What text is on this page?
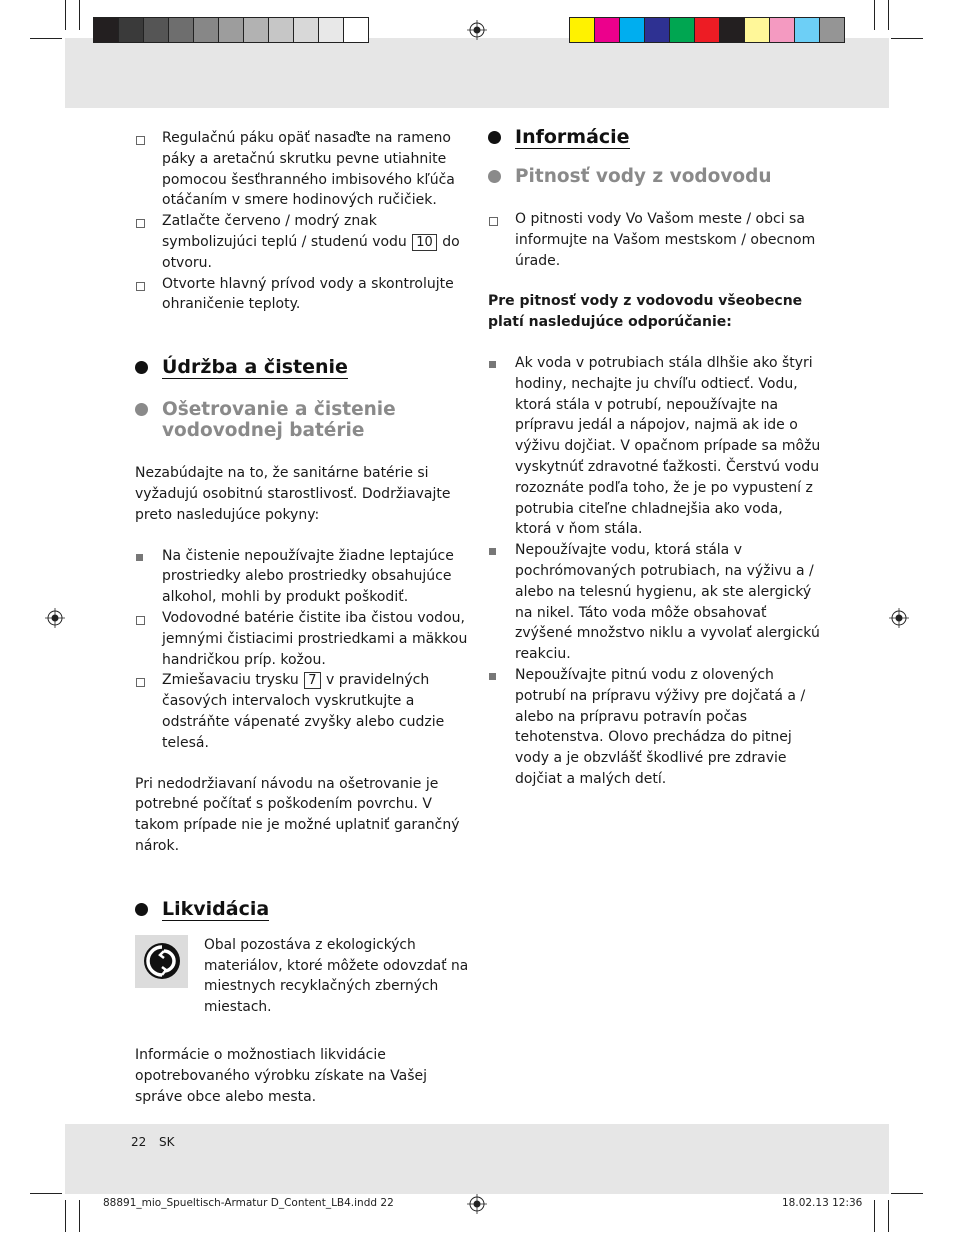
Regulačnú páku opäť nasaďte na rameno páky a aretačnú skrutku pevne utiahnite pomocou šesťhranného imbisového kľúča otáčaním v smere hodinových ručičiek.
Zatlačte červeno / modrý znak symbolizujúci teplú / studenú vodu 10 do otvoru.
Otvorte hlavný prívod vody a skontrolujte ohraničenie teploty.
Údržba a čistenie
Ošetrovanie a čistenie vodovodnej batérie

Nezabúdajte na to, že sanitárne batérie si vyžadujú osobitnú starostlivosť. Dodržiavajte preto nasledujúce pokyny:

Na čistenie nepoužívajte žiadne leptajúce prostriedky alebo prostriedky obsahujúce alkohol, mohli by produkt poškodiť.
Vodovodné batérie čistite iba čistou vodou, jemnými čistiacimi prostriedkami a mäkkou handričkou príp. kožou.
Zmiešavaciu trysku 7 v pravidelných časových intervaloch vyskrutkujte a odstráňte vápenaté zvyšky alebo cudzie telesá.

Pri nedodržiavaní návodu na ošetrovanie je potrebné počítať s poškodením povrchu. V takom prípade nie je možné uplatniť garančný nárok.

Likvidácia
Obal pozostáva z ekologických materiálov, ktoré môžete odovzdať na miestnych recyklačných zberných miestach.

Informácie o možnostiach likvidácie opotrebovaného výrobku získate na Vašej správe obce alebo mesta.

Informácie
Pitnosť vody z vodovodu
O pitnosti vody Vo Vašom meste / obci sa informujte na Vašom mestskom / obecnom úrade.

Pre pitnosť vody z vodovodu všeobecne platí nasledujúce odporúčanie:

Ak voda v potrubiach stála dlhšie ako štyri hodiny, nechajte ju chvíľu odtiecť. Vodu, ktorá stála v potrubí, nepoužívajte na prípravu jedál a nápojov, najmä ak ide o výživu dojčiat. V opačnom prípade sa môžu vyskytnúť zdravotné ťažkosti. Čerstvú vodu rozoznáte podľa toho, že je po vypustení z potrubia citeľne chladnejšia ako voda, ktorá v ňom stála.
Nepoužívajte vodu, ktorá stála v pochrómovaných potrubiach, na výživu a / alebo na telesnú hygienu, ak ste alergický na nikel. Táto voda môže obsahovať zvýšené množstvo niklu a vyvolať alergickú reakciu.
Nepoužívajte pitnú vodu z olovených potrubí na prípravu výživy pre dojčatá a / alebo na prípravu potravín počas tehotenstva. Olovo prechádza do pitnej vody a je obzvlášť škodlivé pre zdravie dojčiat a malých detí.
22 SK
88891_mio_Spueltisch-Armatur D_Content_LB4.indd 22	18.02.13 12:36
